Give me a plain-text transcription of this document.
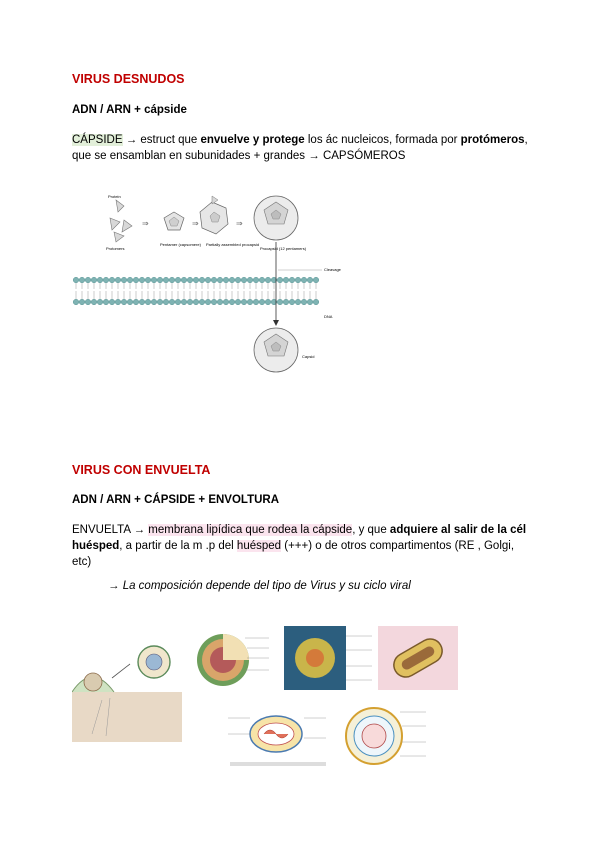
VIRUS DESNUDOS
ADN / ARN + cápside
CÁPSIDE → estruct que envuelve y protege los ác nucleicos, formada por protómeros,
que se ensamblan en subunidades + grandes → CAPSÓMEROS
Protein
Protomers
⇒
Pentamer (capsomere)
⇒
Partially assembled procapsid
⇒
Procapsid (12 pentamers)
Cleavage
DNA
Capsid
VIRUS CON ENVUELTA
ADN / ARN + CÁPSIDE + ENVOLTURA
ENVUELTA → membrana lipídica que rodea la cápside, y que adquiere al salir de la cél
huésped, a partir de la m .p del huésped (+++) o de otros compartimentos (RE , Golgi, etc)
→ La composición depende del tipo de Virus y su ciclo viral
